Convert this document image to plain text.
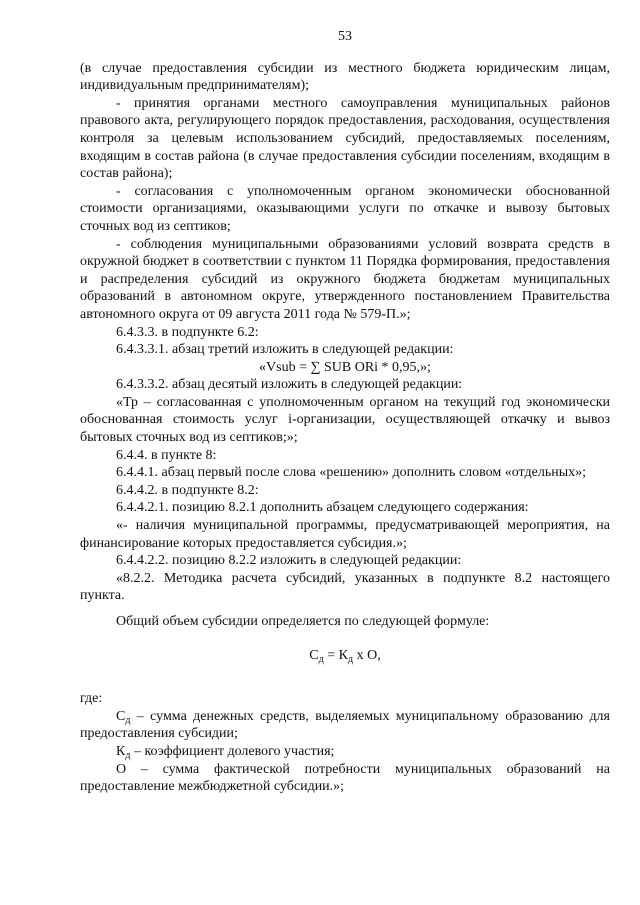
53

(в случае предоставления субсидии из местного бюджета юридическим лицам, индивидуальным предпринимателям);

- принятия органами местного самоуправления муниципальных районов правового акта, регулирующего порядок предоставления, расходования, осуществления контроля за целевым использованием субсидий, предоставляемых поселениям, входящим в состав района (в случае предоставления субсидии поселениям, входящим в состав района);

- согласования с уполномоченным органом экономически обоснованной стоимости организациями, оказывающими услуги по откачке и вывозу бытовых сточных вод из септиков;

- соблюдения муниципальными образованиями условий возврата средств в окружной бюджет в соответствии с пунктом 11 Порядка формирования, предоставления и распределения субсидий из окружного бюджета бюджетам муниципальных образований в автономном округе, утвержденного постановлением Правительства автономного округа от 09 августа 2011 года № 579-П.»;

6.4.3.3. в подпункте 6.2:

6.4.3.3.1. абзац третий изложить в следующей редакции:

«Vsub = ∑ SUB ORi * 0,95,»;

6.4.3.3.2. абзац десятый изложить в следующей редакции:

«Тр – согласованная с уполномоченным органом на текущий год экономически обоснованная стоимость услуг i-организации, осуществляющей откачку и вывоз бытовых сточных вод из септиков;»;

6.4.4. в пункте 8:

6.4.4.1. абзац первый после слова «решению» дополнить словом «отдельных»;

6.4.4.2. в подпункте 8.2:

6.4.4.2.1. позицию 8.2.1 дополнить абзацем следующего содержания:

«- наличия муниципальной программы, предусматривающей мероприятия, на финансирование которых предоставляется субсидия.»;

6.4.4.2.2. позицию 8.2.2 изложить в следующей редакции:

«8.2.2. Методика расчета субсидий, указанных в подпункте 8.2 настоящего пункта.

Общий объем субсидии определяется по следующей формуле:

$С_д = К_д$ х О,

где:

$С_д$ – сумма денежных средств, выделяемых муниципальному образованию для предоставления субсидии;

$К_д$ – коэффициент долевого участия;

О – сумма фактической потребности муниципальных образований на предоставление межбюджетной субсидии.»;
